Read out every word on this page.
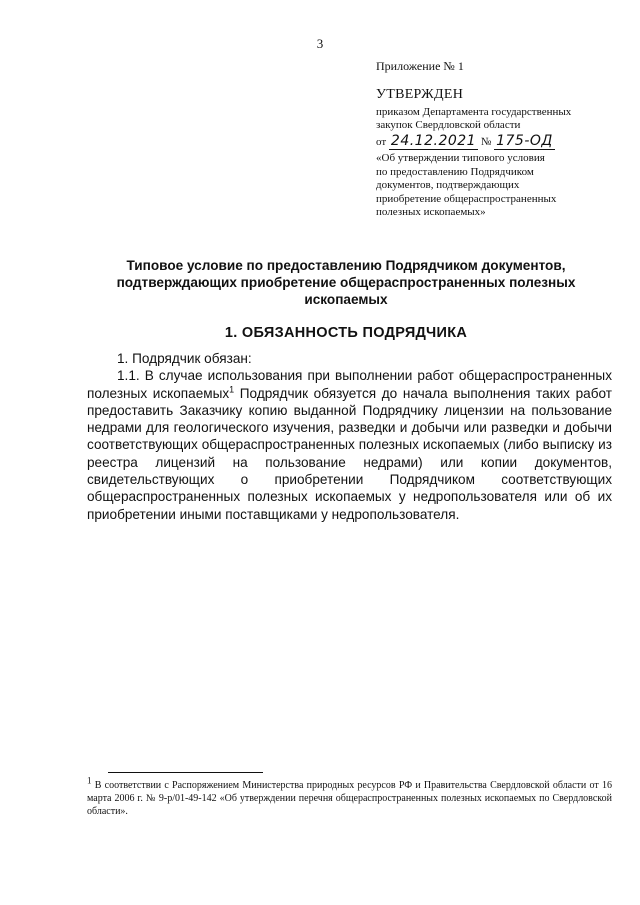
3
Приложение № 1
УТВЕРЖДЕН
приказом Департамента государственных
закупок Свердловской области
от 24.12.2021 № 175-ОД
«Об утверждении типового условия
по предоставлению Подрядчиком
документов, подтверждающих
приобретение общераспространенных
полезных ископаемых»
Типовое условие по предоставлению Подрядчиком документов,
подтверждающих приобретение общераспространенных полезных
ископаемых
1. ОБЯЗАННОСТЬ ПОДРЯДЧИКА

1. Подрядчик обязан:

1.1. В случае использования при выполнении работ общераспространенных полезных ископаемых$^1$ Подрядчик обязуется до начала выполнения таких работ предоставить Заказчику копию выданной Подрядчику лицензии на пользование недрами для геологического изучения, разведки и добычи или разведки и добычи соответствующих общераспространенных полезных ископаемых (либо выписку из реестра лицензий на пользование недрами) или копии документов, свидетельствующих о приобретении Подрядчиком соответствующих общераспространенных полезных ископаемых у недропользователя или об их приобретении иными поставщиками у недропользователя.

$^1$ В соответствии с Распоряжением Министерства природных ресурсов РФ и Правительства Свердловской области от 16 марта 2006 г. № 9-р/01-49-142 «Об утверждении перечня общераспространенных полезных ископаемых по Свердловской области».
